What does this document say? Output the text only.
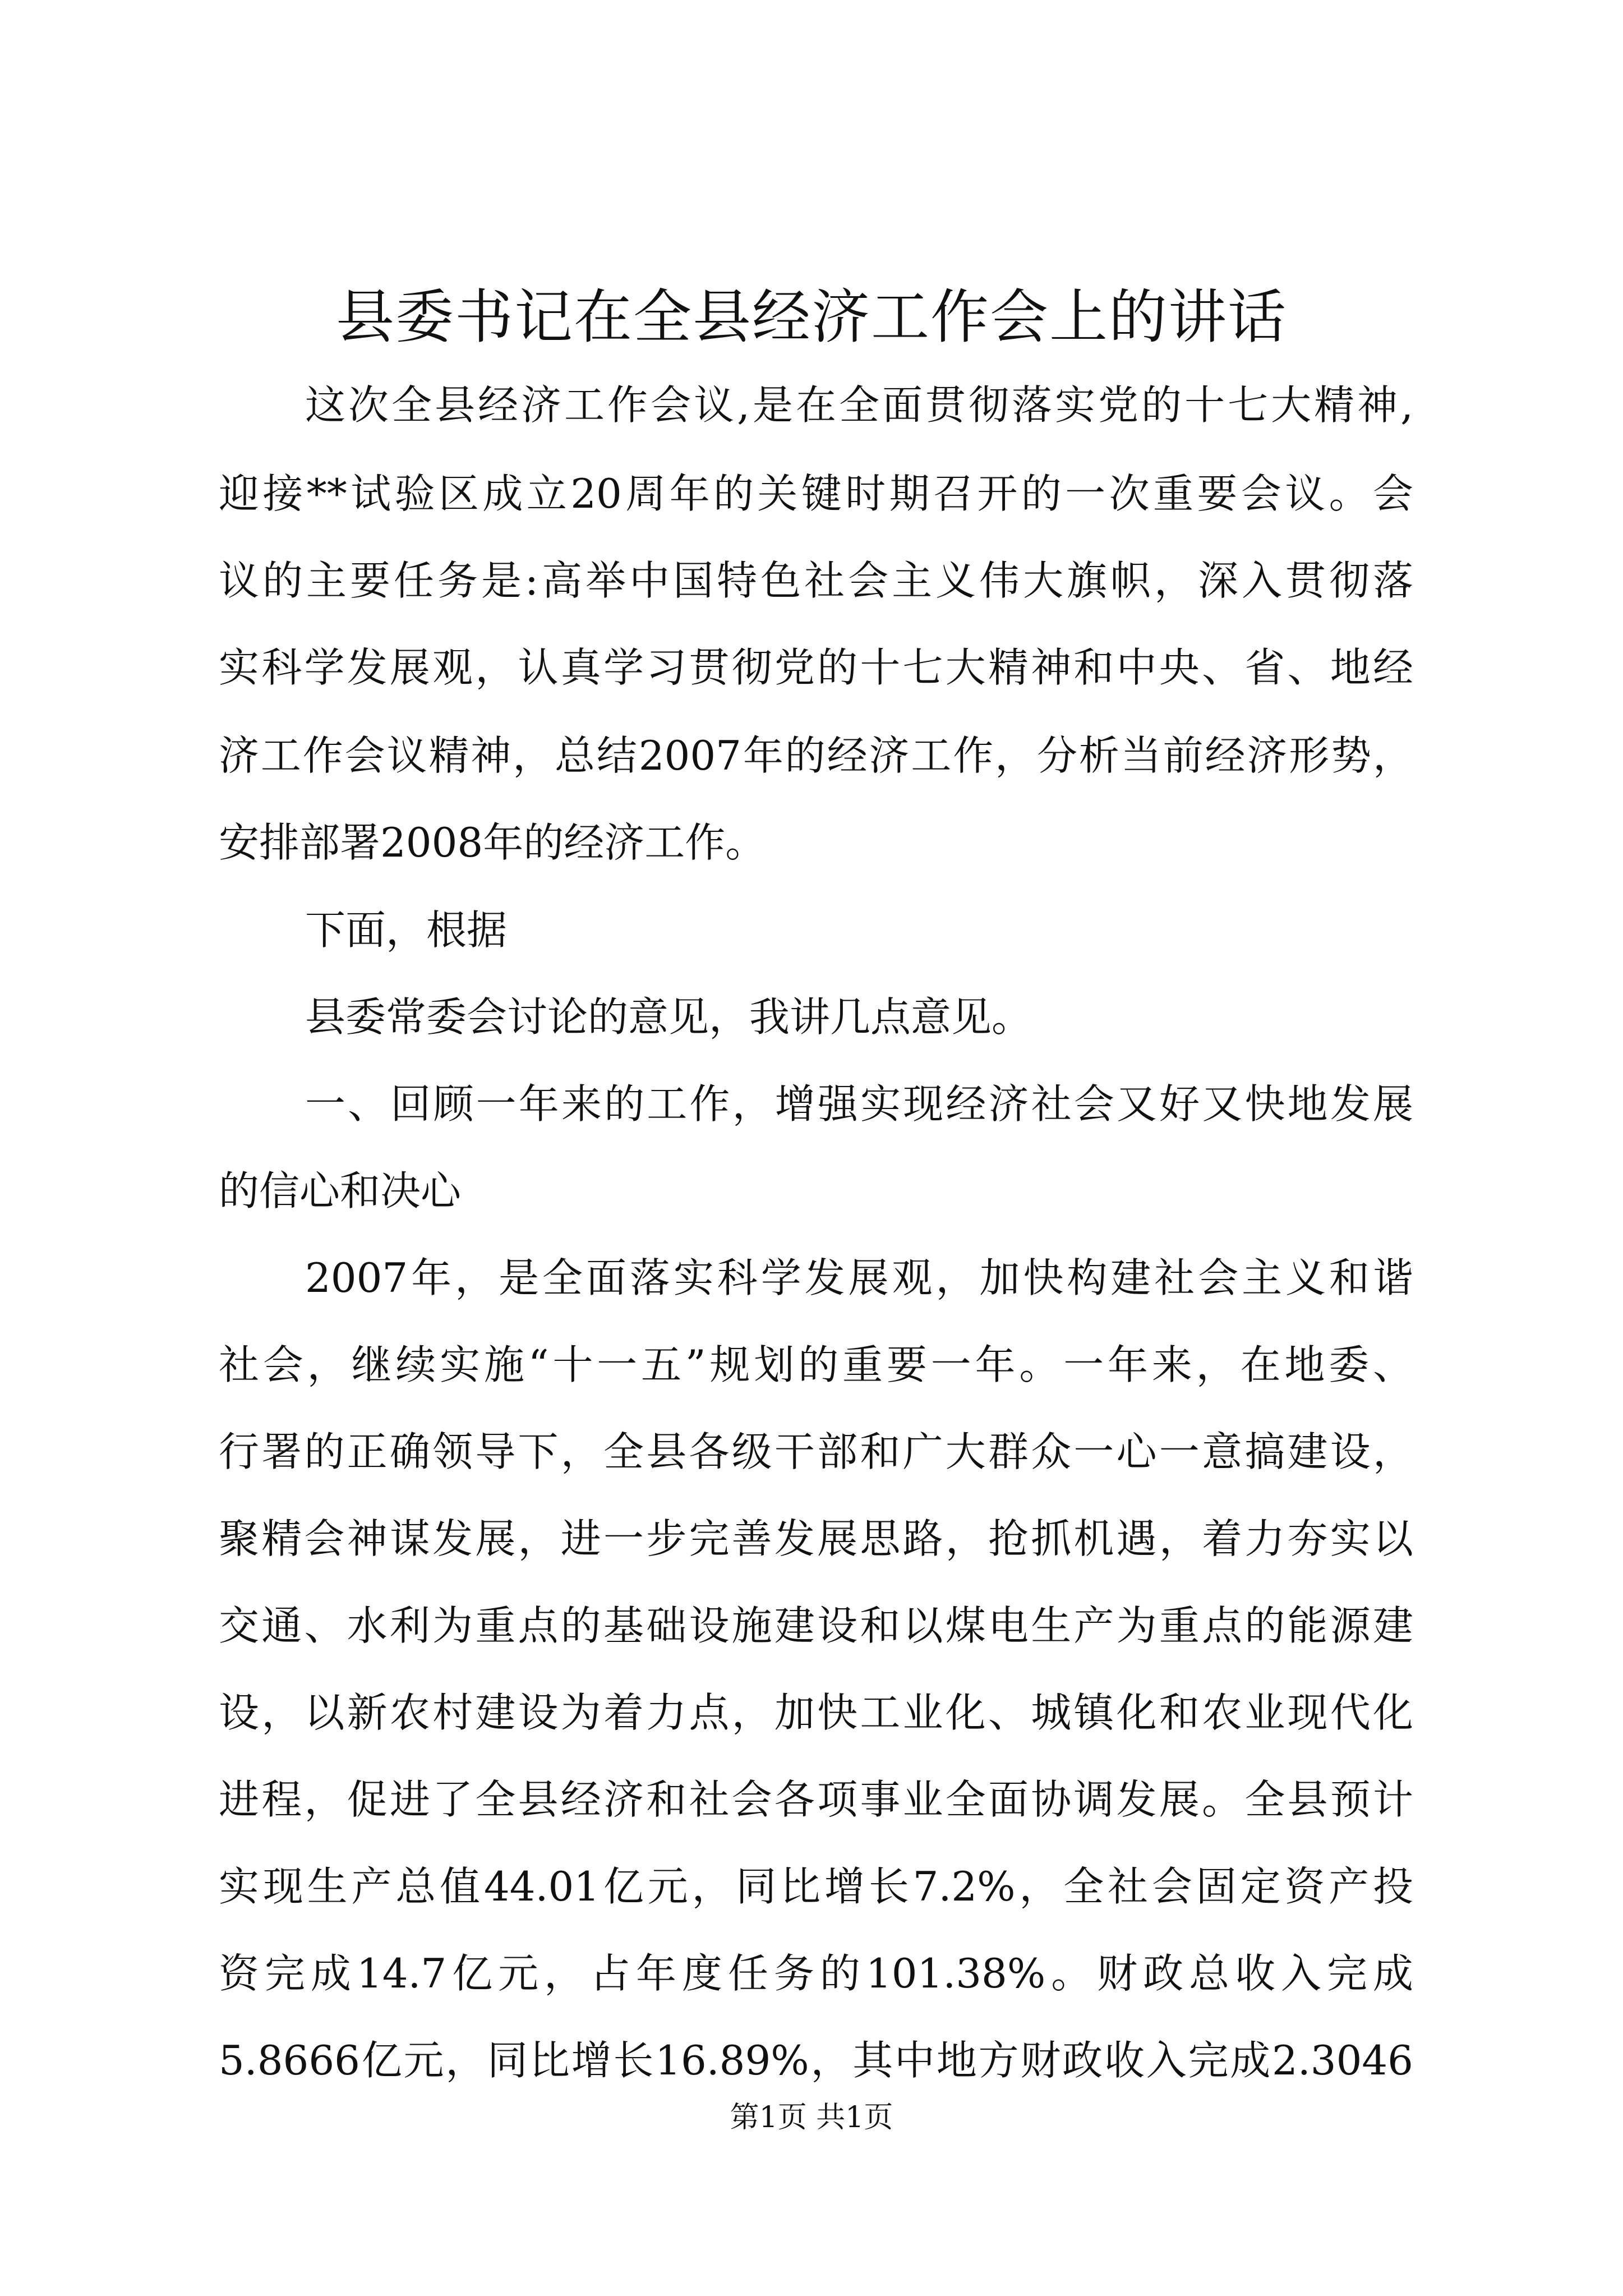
县委书记在全县经济工作会上的讲话
这次全县经济工作会议,是在全面贯彻落实党的十七大精神,
迎接**试验区成立20周年的关键时期召开的一次重要会议。会
议的主要任务是:高举中国特色社会主义伟大旗帜，深入贯彻落
实科学发展观，认真学习贯彻党的十七大精神和中央、省、地经
济工作会议精神，总结2007年的经济工作，分析当前经济形势，
安排部署2008年的经济工作。
下面，根据
县委常委会讨论的意见，我讲几点意见。
一、回顾一年来的工作，增强实现经济社会又好又快地发展
的信心和决心
2007年，是全面落实科学发展观，加快构建社会主义和谐
社会，继续实施“十一五”规划的重要一年。一年来，在地委、
行署的正确领导下，全县各级干部和广大群众一心一意搞建设，
聚精会神谋发展，进一步完善发展思路，抢抓机遇，着力夯实以
交通、水利为重点的基础设施建设和以煤电生产为重点的能源建
设，以新农村建设为着力点，加快工业化、城镇化和农业现代化
进程，促进了全县经济和社会各项事业全面协调发展。全县预计
实现生产总值44.01亿元，同比增长7.2%，全社会固定资产投
资完成14.7亿元，占年度任务的101.38%。财政总收入完成
5.8666亿元，同比增长16.89%，其中地方财政收入完成2.3046
第1页 共1页
